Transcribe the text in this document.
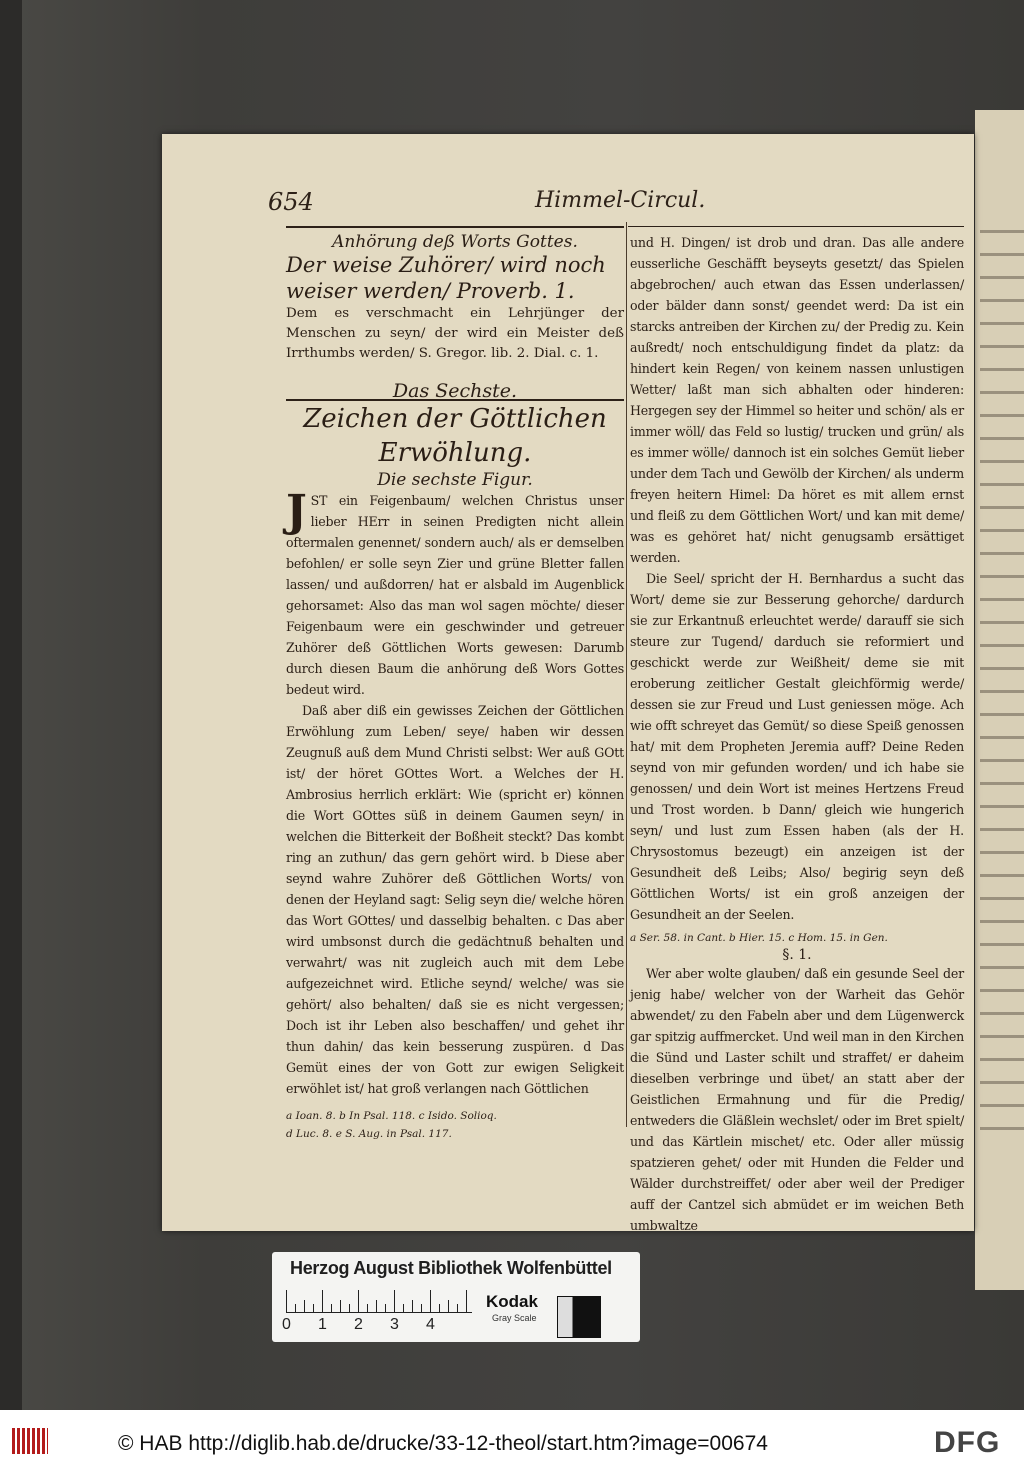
654	Himmel-Circul.

Anhörung deß Worts Gottes.

Der weise Zuhörer/ wird noch weiser werden/ Proverb. 1.

Dem es verschmacht ein Lehrjünger der Menschen zu seyn/ der wird ein Meister deß Irrthumbs werden/ S. Gregor. lib. 2. Dial. c. 1.

Das Sechste.

Zeichen der Göttlichen Erwöhlung.

Die sechste Figur.

JST ein Feigenbaum/ welchen Christus unser lieber HErr in seinen Predigten nicht allein oftermalen genennet/ sondern auch/ als er demselben befohlen/ er solle seyn Zier und grüne Bletter fallen lassen/ und außdorren/ hat er alsbald im Augenblick gehorsamet: Also das man wol sagen möchte/ dieser Feigenbaum were ein geschwinder und getreuer Zuhörer deß Göttlichen Worts gewesen: Darumb durch diesen Baum die anhörung deß Wors Gottes bedeut wird.

Daß aber diß ein gewisses Zeichen der Göttlichen Erwöhlung zum Leben/ seye/ haben wir dessen Zeugnuß auß dem Mund Christi selbst: Wer auß GOtt ist/ der höret GOttes Wort. a Welches der H. Ambrosius herrlich erklärt: Wie (spricht er) können die Wort GOttes süß in deinem Gaumen seyn/ in welchen die Bitterkeit der Boßheit steckt? Das kombt ring an zuthun/ das gern gehört wird. b Diese aber seynd wahre Zuhörer deß Göttlichen Worts/ von denen der Heyland sagt: Selig seyn die/ welche hören das Wort GOttes/ und dasselbig behalten. c Das aber wird umbsonst durch die gedächtnuß behalten und verwahrt/ was nit zugleich auch mit dem Lebe aufgezeichnet wird. Etliche seynd/ welche/ was sie gehört/ also behalten/ daß sie es nicht vergessen; Doch ist ihr Leben also beschaffen/ und gehet ihr thun dahin/ das kein besserung zuspüren. d Das Gemüt eines der von Gott zur ewigen Seligkeit erwöhlet ist/ hat groß verlangen nach Göttlichen

a Ioan. 8. b In Psal. 118. c Isido. Solioq.

d Luc. 8. e S. Aug. in Psal. 117.

und H. Dingen/ ist drob und dran. Das alle andere eusserliche Geschäfft beyseyts gesetzt/ das Spielen abgebrochen/ auch etwan das Essen underlassen/ oder bälder dann sonst/ geendet werd: Da ist ein starcks antreiben der Kirchen zu/ der Predig zu. Kein außredt/ noch entschuldigung findet da platz: da hindert kein Regen/ von keinem nassen unlustigen Wetter/ laßt man sich abhalten oder hinderen: Hergegen sey der Himmel so heiter und schön/ als er immer wöll/ das Feld so lustig/ trucken und grün/ als es immer wölle/ dannoch ist ein solches Gemüt lieber under dem Tach und Gewölb der Kirchen/ als underm freyen heitern Himel: Da höret es mit allem ernst und fleiß zu dem Göttlichen Wort/ und kan mit deme/ was es gehöret hat/ nicht genugsamb ersättiget werden.

Die Seel/ spricht der H. Bernhardus a sucht das Wort/ deme sie zur Besserung gehorche/ dardurch sie zur Erkantnuß erleuchtet werde/ darauff sie sich steure zur Tugend/ darduch sie reformiert und geschickt werde zur Weißheit/ deme sie mit eroberung zeitlicher Gestalt gleichförmig werde/ dessen sie zur Freud und Lust geniessen möge. Ach wie offt schreyet das Gemüt/ so diese Speiß genossen hat/ mit dem Propheten Jeremia auff? Deine Reden seynd von mir gefunden worden/ und ich habe sie genossen/ und dein Wort ist meines Hertzens Freud und Trost worden. b Dann/ gleich wie hungerich seyn/ und lust zum Essen haben (als der H. Chrysostomus bezeugt) ein anzeigen ist der Gesundheit deß Leibs; Also/ begirig seyn deß Göttlichen Worts/ ist ein groß anzeigen der Gesundheit an der Seelen.

a Ser. 58. in Cant. b Hier. 15. c Hom. 15. in Gen.

§. 1.

Wer aber wolte glauben/ daß ein gesunde Seel der jenig habe/ welcher von der Warheit das Gehör abwendet/ zu den Fabeln aber und dem Lügenwerck gar spitzig auffmercket. Und weil man in den Kirchen die Sünd und Laster schilt und straffet/ er daheim dieselben verbringe und übet/ an statt aber der Geistlichen Ermahnung und für die Predig/ entweders die Gläßlein wechslet/ oder im Bret spielt/ und das Kärtlein mischet/ etc. Oder aller müssig spatzieren gehet/ oder mit Hunden die Felder und Wälder durchstreiffet/ oder aber weil der Prediger auff der Cantzel sich abmüdet er im weichen Beth umbwaltze

Herzog August Bibliothek Wolfenbüttel
0 1 2 3 4
Kodak
Gray Scale
© HAB http://diglib.hab.de/drucke/33-12-theol/start.htm?image=00674	DFG
